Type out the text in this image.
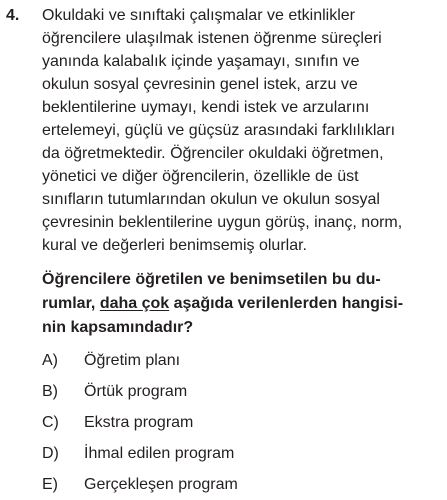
4. Okuldaki ve sınıftaki çalışmalar ve etkinlikler
öğrencilere ulaşılmak istenen öğrenme süreçleri
yanında kalabalık içinde yaşamayı, sınıfın ve
okulun sosyal çevresinin genel istek, arzu ve
beklentilerine uymayı, kendi istek ve arzularını
ertelemeyi, güçlü ve güçsüz arasındaki farklılıkları
da öğretmektedir. Öğrenciler okuldaki öğretmen,
yönetici ve diğer öğrencilerin, özellikle de üst
sınıfların tutumlarından okulun ve okulun sosyal
çevresinin beklentilerine uygun görüş, inanç, norm,
kural ve değerleri benimsemiş olurlar.
Öğrencilere öğretilen ve benimsetilen bu du-
rumlar, daha çok aşağıda verilenlerden hangisi-
nin kapsamındadır?
A) Öğretim planı
B) Örtük program
C) Ekstra program
D) İhmal edilen program
E) Gerçekleşen program
